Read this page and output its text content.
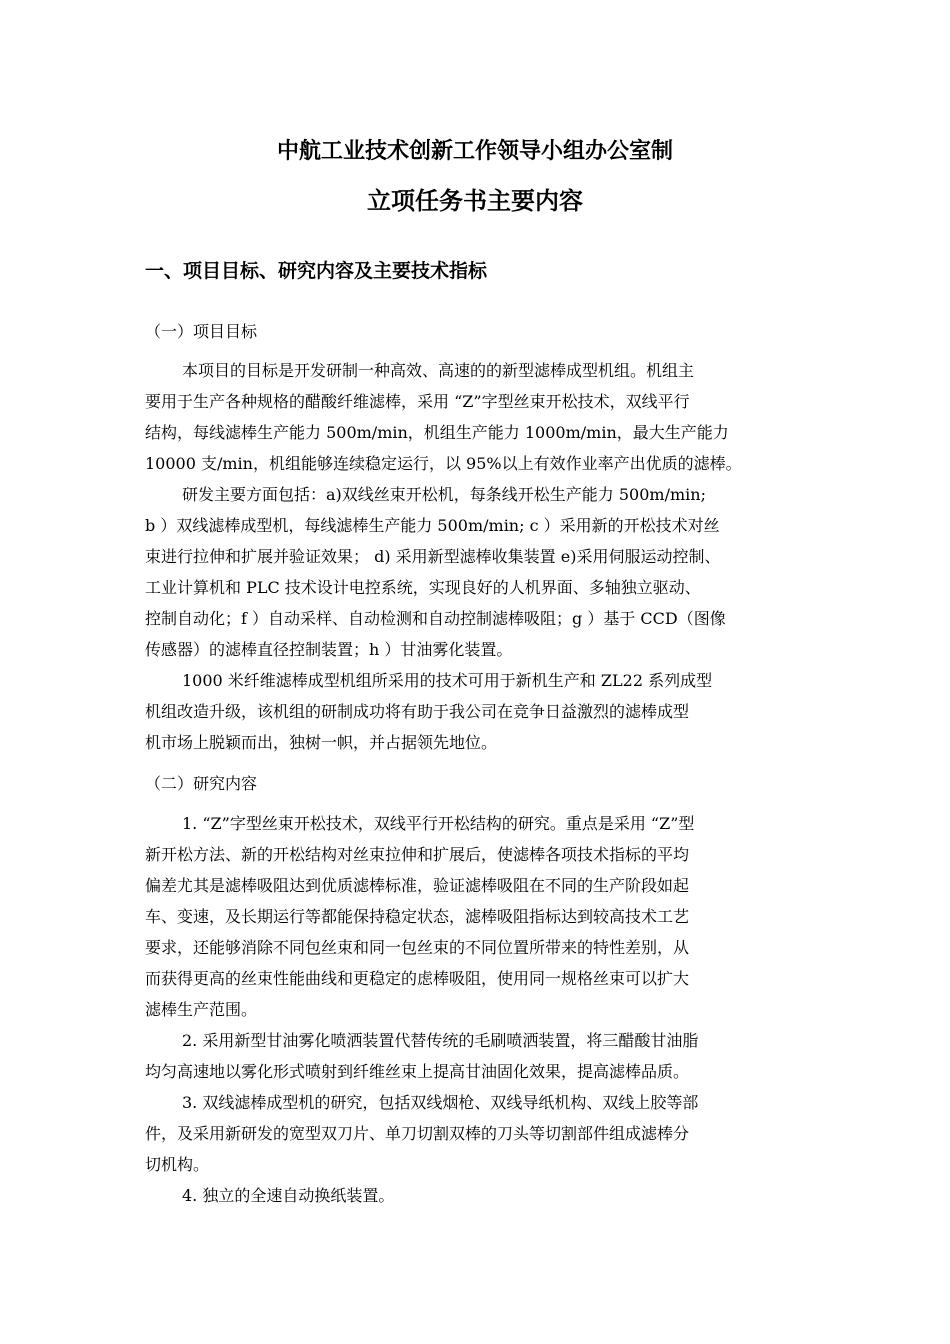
中航工业技术创新工作领导小组办公室制
立项任务书主要内容
一、项目目标、研究内容及主要技术指标
（一）项目目标
本项目的目标是开发研制一种高效、高速的的新型滤棒成型机组。机组主
要用于生产各种规格的醋酸纤维滤棒，采用 “Z”字型丝束开松技术，双线平行
结构，每线滤棒生产能力 500m/min，机组生产能力 1000m/min，最大生产能力
10000 支/min，机组能够连续稳定运行，以 95%以上有效作业率产出优质的滤棒。
研发主要方面包括：a)双线丝束开松机，每条线开松生产能力 500m/min;
b ）双线滤棒成型机，每线滤棒生产能力 500m/min; c ）采用新的开松技术对丝
束进行拉伸和扩展并验证效果； d) 采用新型滤棒收集装置 e)采用伺服运动控制、
工业计算机和 PLC 技术设计电控系统，实现良好的人机界面、多轴独立驱动、
控制自动化；f ）自动采样、自动检测和自动控制滤棒吸阻；g ）基于 CCD（图像
传感器）的滤棒直径控制装置；h ）甘油雾化装置。
1000 米纤维滤棒成型机组所采用的技术可用于新机生产和 ZL22 系列成型
机组改造升级，该机组的研制成功将有助于我公司在竞争日益激烈的滤棒成型
机市场上脱颖而出，独树一帜，并占据领先地位。
（二）研究内容
1. “Z”字型丝束开松技术，双线平行开松结构的研究。重点是采用 “Z”型
新开松方法、新的开松结构对丝束拉伸和扩展后，使滤棒各项技术指标的平均
偏差尤其是滤棒吸阻达到优质滤棒标准，验证滤棒吸阻在不同的生产阶段如起
车、变速，及长期运行等都能保持稳定状态，滤棒吸阻指标达到较高技术工艺
要求，还能够消除不同包丝束和同一包丝束的不同位置所带来的特性差别，从
而获得更高的丝束性能曲线和更稳定的虑棒吸阻，使用同一规格丝束可以扩大
滤棒生产范围。
2. 采用新型甘油雾化喷洒装置代替传统的毛刷喷洒装置，将三醋酸甘油脂
均匀高速地以雾化形式喷射到纤维丝束上提高甘油固化效果，提高滤棒品质。
3. 双线滤棒成型机的研究，包括双线烟枪、双线导纸机构、双线上胶等部
件，及采用新研发的宽型双刀片、单刀切割双棒的刀头等切割部件组成滤棒分
切机构。
4. 独立的全速自动换纸装置。
